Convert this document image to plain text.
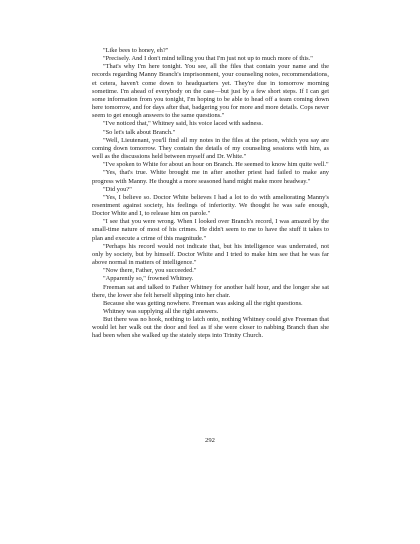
"Like bees to honey, eh?"

"Precisely. And I don't mind telling you that I'm just not up to much more of this."

"That's why I'm here tonight. You see, all the files that contain your name and the records regarding Manny Branch's imprisonment, your counseling notes, recommendations, et cetera, haven't come down to headquarters yet. They're due in tomorrow morning sometime. I'm ahead of everybody on the case—but just by a few short steps. If I can get some information from you tonight, I'm hoping to be able to head off a team coming down here tomorrow, and for days after that, badgering you for more and more details. Cops never seem to get enough answers to the same questions."

"I've noticed that," Whitney said, his voice laced with sadness.

"So let's talk about Branch."

"Well, Lieutenant, you'll find all my notes in the files at the prison, which you say are coming down tomorrow. They contain the details of my counseling sessions with him, as well as the discussions held between myself and Dr. White."

"I've spoken to White for about an hour on Branch. He seemed to know him quite well."

"Yes, that's true. White brought me in after another priest had failed to make any progress with Manny. He thought a more seasoned hand might make more headway."

"Did you?"

"Yes, I believe so. Doctor White believes I had a lot to do with ameliorating Manny's resentment against society, his feelings of inferiority. We thought he was safe enough, Doctor White and I, to release him on parole."

"I see that you were wrong. When I looked over Branch's record, I was amazed by the small-time nature of most of his crimes. He didn't seem to me to have the stuff it takes to plan and execute a crime of this magnitude."

"Perhaps his record would not indicate that, but his intelligence was underrated, not only by society, but by himself. Doctor White and I tried to make him see that he was far above normal in matters of intelligence."

"Now there, Father, you succeeded."

"Apparently so," frowned Whitney.

Freeman sat and talked to Father Whitney for another half hour, and the longer she sat there, the lower she felt herself slipping into her chair.

Because she was getting nowhere. Freeman was asking all the right questions.

Whitney was supplying all the right answers.

But there was no hook, nothing to latch onto, nothing Whitney could give Freeman that would let her walk out the door and feel as if she were closer to nabbing Branch than she had been when she walked up the stately steps into Trinity Church.

292
